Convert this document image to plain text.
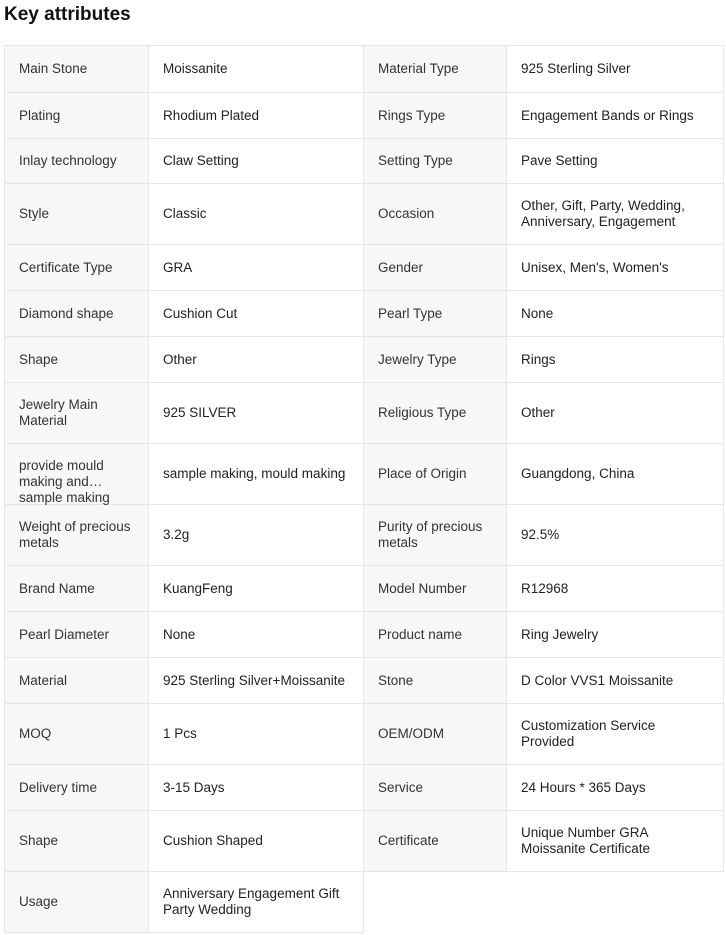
Key attributes
Main Stone	Moissanite	Material Type	925 Sterling Silver
Plating	Rhodium Plated	Rings Type	Engagement Bands or Rings
Inlay technology	Claw Setting	Setting Type	Pave Setting
Style	Classic	Occasion	Other, Gift, Party, Wedding, Anniversary, Engagement
Certificate Type	GRA	Gender	Unisex, Men's, Women's
Diamond shape	Cushion Cut	Pearl Type	None
Shape	Other	Jewelry Type	Rings
Jewelry Main Material	925 SILVER	Religious Type	Other

provide mould making and sample making	sample making, mould making	Place of Origin	Guangdong, China
Weight of precious metals	3.2g	Purity of precious metals	92.5%
Brand Name	KuangFeng	Model Number	R12968
Pearl Diameter	None	Product name	Ring Jewelry
Material	925 Sterling Silver+Moissanite	Stone	D Color VVS1 Moissanite
MOQ	1 Pcs	OEM/ODM	Customization Service Provided
Delivery time	3-15 Days	Service	24 Hours * 365 Days
Shape	Cushion Shaped	Certificate	Unique Number GRA Moissanite Certificate
Usage	Anniversary Engagement Gift Party Wedding		
